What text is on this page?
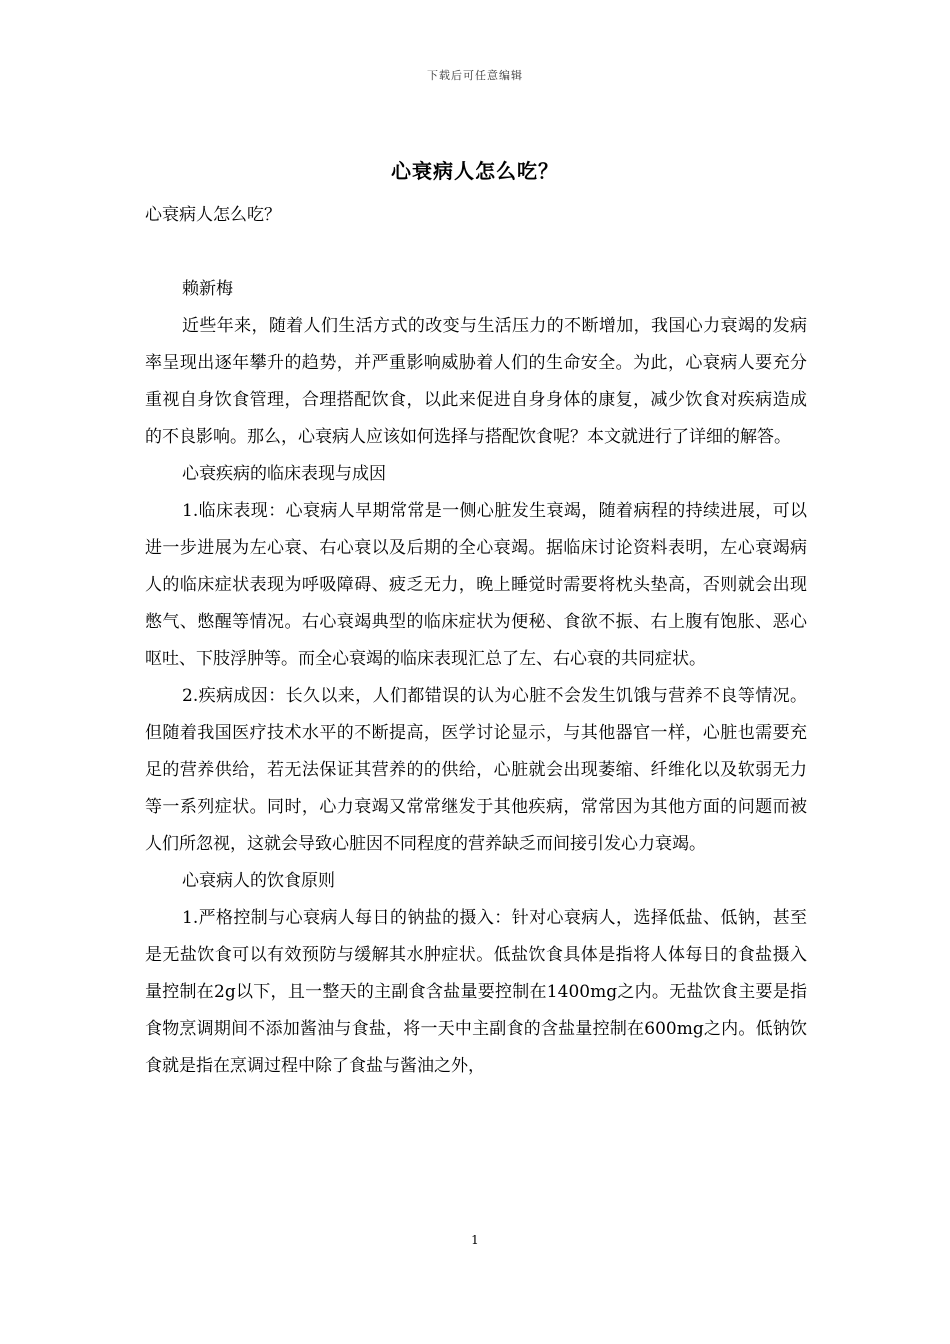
下载后可任意编辑
心衰病人怎么吃？

心衰病人怎么吃？

赖新梅

近些年来，随着人们生活方式的改变与生活压力的不断增加，我国心力衰竭的发病率呈现出逐年攀升的趋势，并严重影响威胁着人们的生命安全。为此，心衰病人要充分重视自身饮食管理，合理搭配饮食，以此来促进自身身体的康复，减少饮食对疾病造成的不良影响。那么，心衰病人应该如何选择与搭配饮食呢？本文就进行了详细的解答。

心衰疾病的临床表现与成因

1.临床表现：心衰病人早期常常是一侧心脏发生衰竭，随着病程的持续进展，可以进一步进展为左心衰、右心衰以及后期的全心衰竭。据临床讨论资料表明，左心衰竭病人的临床症状表现为呼吸障碍、疲乏无力，晚上睡觉时需要将枕头垫高，否则就会出现憋气、憋醒等情况。右心衰竭典型的临床症状为便秘、食欲不振、右上腹有饱胀、恶心呕吐、下肢浮肿等。而全心衰竭的临床表现汇总了左、右心衰的共同症状。

2.疾病成因：长久以来，人们都错误的认为心脏不会发生饥饿与营养不良等情况。但随着我国医疗技术水平的不断提高，医学讨论显示，与其他器官一样，心脏也需要充足的营养供给，若无法保证其营养的的供给，心脏就会出现萎缩、纤维化以及软弱无力等一系列症状。同时，心力衰竭又常常继发于其他疾病，常常因为其他方面的问题而被人们所忽视，这就会导致心脏因不同程度的营养缺乏而间接引发心力衰竭。

心衰病人的饮食原则

1.严格控制与心衰病人每日的钠盐的摄入：针对心衰病人，选择低盐、低钠，甚至是无盐饮食可以有效预防与缓解其水肿症状。低盐饮食具体是指将人体每日的食盐摄入量控制在2g以下，且一整天的主副食含盐量要控制在1400mg之内。无盐饮食主要是指食物烹调期间不添加酱油与食盐，将一天中主副食的含盐量控制在600mg之内。低钠饮食就是指在烹调过程中除了食盐与酱油之外，

1
